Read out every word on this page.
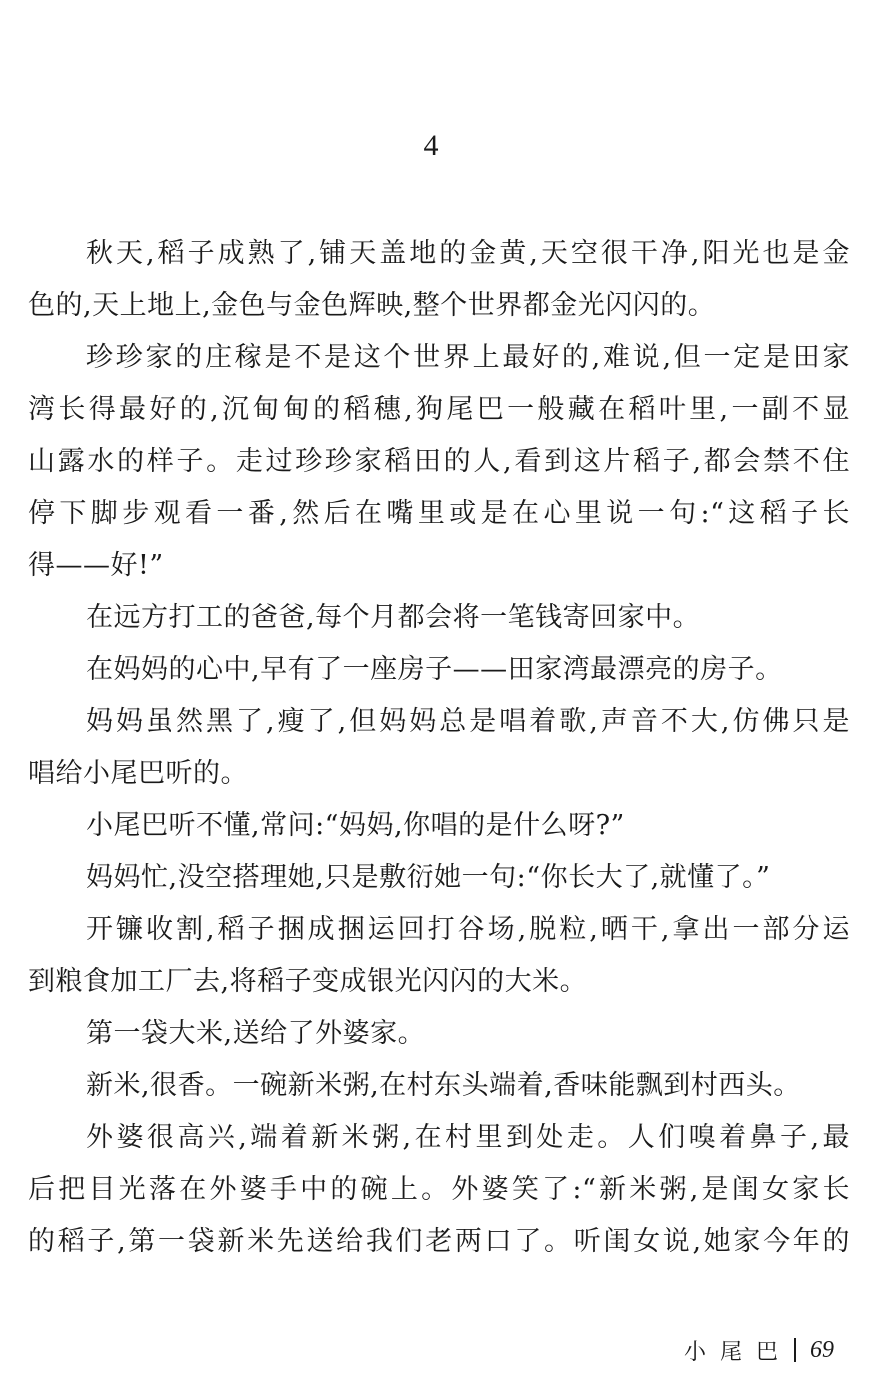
4
秋天,稻子成熟了,铺天盖地的金黄,天空很干净,阳光也是金
色的,天上地上,金色与金色辉映,整个世界都金光闪闪的。
珍珍家的庄稼是不是这个世界上最好的,难说,但一定是田家
湾长得最好的,沉甸甸的稻穗,狗尾巴一般藏在稻叶里,一副不显
山露水的样子。走过珍珍家稻田的人,看到这片稻子,都会禁不住
停下脚步观看一番,然后在嘴里或是在心里说一句:“这稻子长
得——好!”
在远方打工的爸爸,每个月都会将一笔钱寄回家中。
在妈妈的心中,早有了一座房子——田家湾最漂亮的房子。
妈妈虽然黑了,瘦了,但妈妈总是唱着歌,声音不大,仿佛只是
唱给小尾巴听的。
小尾巴听不懂,常问:“妈妈,你唱的是什么呀?”
妈妈忙,没空搭理她,只是敷衍她一句:“你长大了,就懂了。”
开镰收割,稻子捆成捆运回打谷场,脱粒,晒干,拿出一部分运
到粮食加工厂去,将稻子变成银光闪闪的大米。
第一袋大米,送给了外婆家。
新米,很香。一碗新米粥,在村东头端着,香味能飘到村西头。
外婆很高兴,端着新米粥,在村里到处走。人们嗅着鼻子,最
后把目光落在外婆手中的碗上。外婆笑了:“新米粥,是闺女家长
的稻子,第一袋新米先送给我们老两口了。听闺女说,她家今年的
小尾巴 69
